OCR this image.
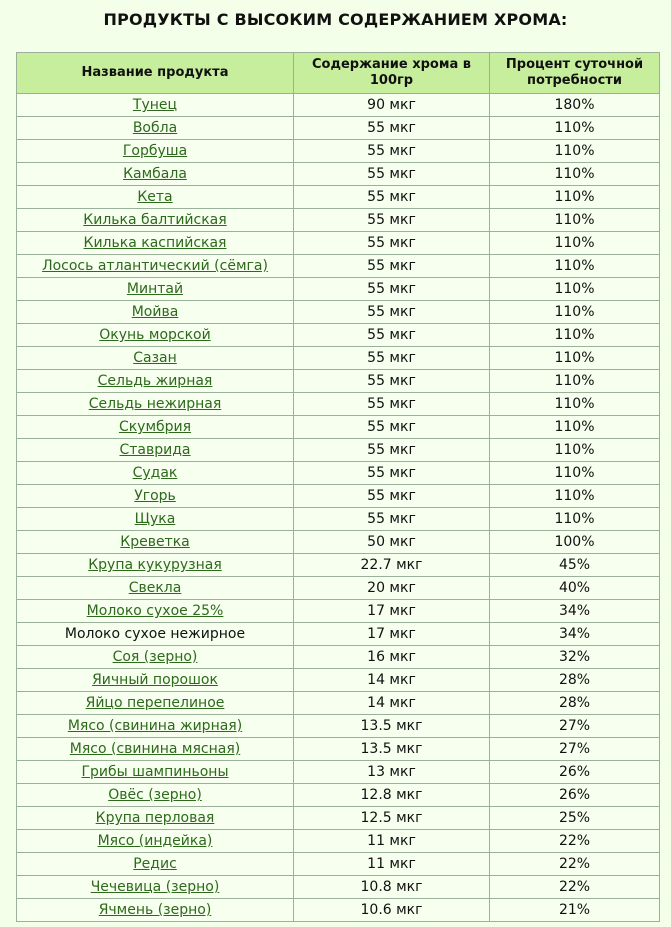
ПРОДУКТЫ С ВЫСОКИМ СОДЕРЖАНИЕМ ХРОМА:
Название продукта	Содержание хрома в 100гр	Процент суточной потребности
Тунец	90 мкг	180%
Вобла	55 мкг	110%
Горбуша	55 мкг	110%
Камбала	55 мкг	110%
Кета	55 мкг	110%
Килька балтийская	55 мкг	110%
Килька каспийская	55 мкг	110%
Лосось атлантический (сёмга)	55 мкг	110%
Минтай	55 мкг	110%
Мойва	55 мкг	110%
Окунь морской	55 мкг	110%
Сазан	55 мкг	110%
Сельдь жирная	55 мкг	110%
Сельдь нежирная	55 мкг	110%
Скумбрия	55 мкг	110%
Ставрида	55 мкг	110%
Судак	55 мкг	110%
Угорь	55 мкг	110%
Щука	55 мкг	110%
Креветка	50 мкг	100%
Крупа кукурузная	22.7 мкг	45%
Свекла	20 мкг	40%
Молоко сухое 25%	17 мкг	34%
Молоко сухое нежирное	17 мкг	34%
Соя (зерно)	16 мкг	32%
Яичный порошок	14 мкг	28%
Яйцо перепелиное	14 мкг	28%
Мясо (свинина жирная)	13.5 мкг	27%
Мясо (свинина мясная)	13.5 мкг	27%
Грибы шампиньоны	13 мкг	26%
Овёс (зерно)	12.8 мкг	26%
Крупа перловая	12.5 мкг	25%
Мясо (индейка)	11 мкг	22%
Редис	11 мкг	22%
Чечевица (зерно)	10.8 мкг	22%
Ячмень (зерно)	10.6 мкг	21%
